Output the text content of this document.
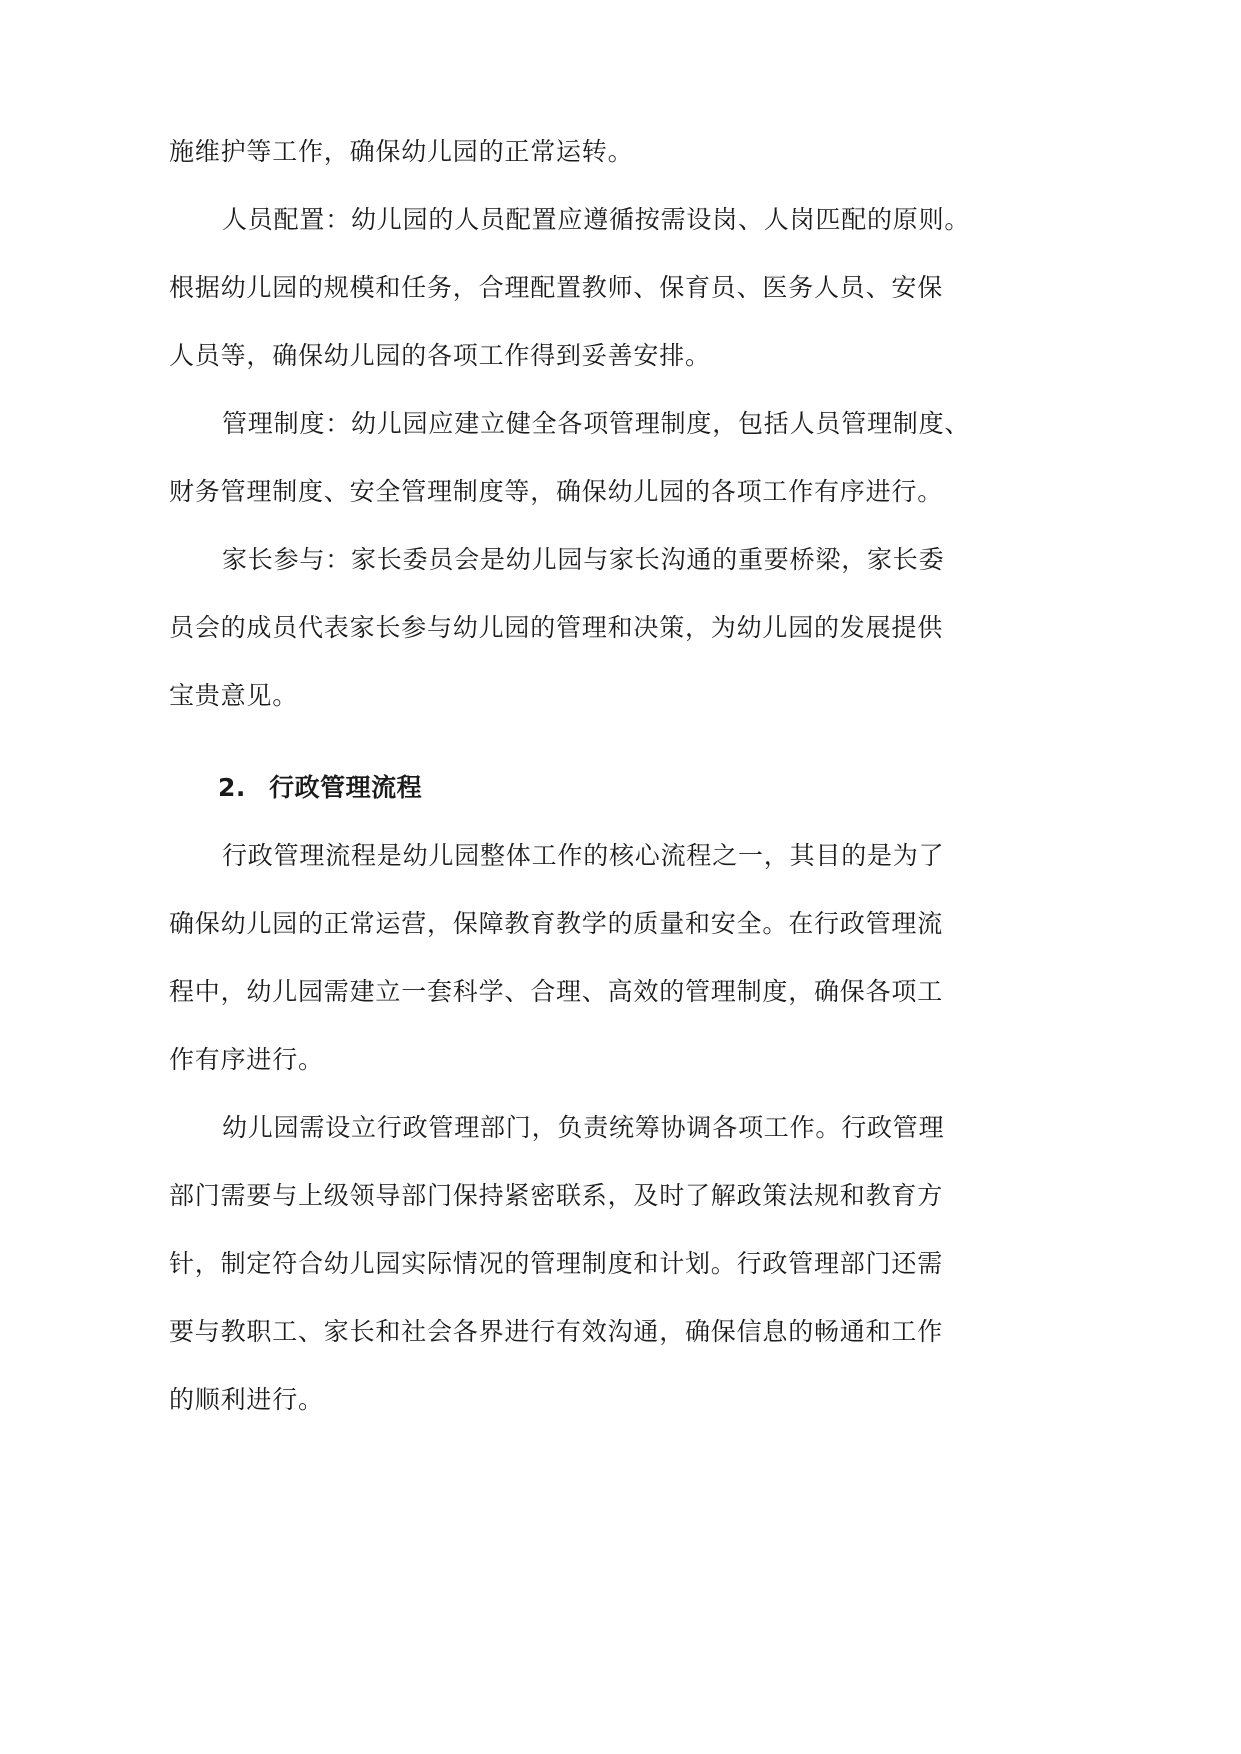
施维护等工作，确保幼儿园的正常运转。
人员配置：幼儿园的人员配置应遵循按需设岗、人岗匹配的原则。
根据幼儿园的规模和任务，合理配置教师、保育员、医务人员、安保
人员等，确保幼儿园的各项工作得到妥善安排。
管理制度：幼儿园应建立健全各项管理制度，包括人员管理制度、
财务管理制度、安全管理制度等，确保幼儿园的各项工作有序进行。
家长参与：家长委员会是幼儿园与家长沟通的重要桥梁，家长委
员会的成员代表家长参与幼儿园的管理和决策，为幼儿园的发展提供
宝贵意见。
2. 行政管理流程
行政管理流程是幼儿园整体工作的核心流程之一，其目的是为了
确保幼儿园的正常运营，保障教育教学的质量和安全。在行政管理流
程中，幼儿园需建立一套科学、合理、高效的管理制度，确保各项工
作有序进行。
幼儿园需设立行政管理部门，负责统筹协调各项工作。行政管理
部门需要与上级领导部门保持紧密联系，及时了解政策法规和教育方
针，制定符合幼儿园实际情况的管理制度和计划。行政管理部门还需
要与教职工、家长和社会各界进行有效沟通，确保信息的畅通和工作
的顺利进行。
